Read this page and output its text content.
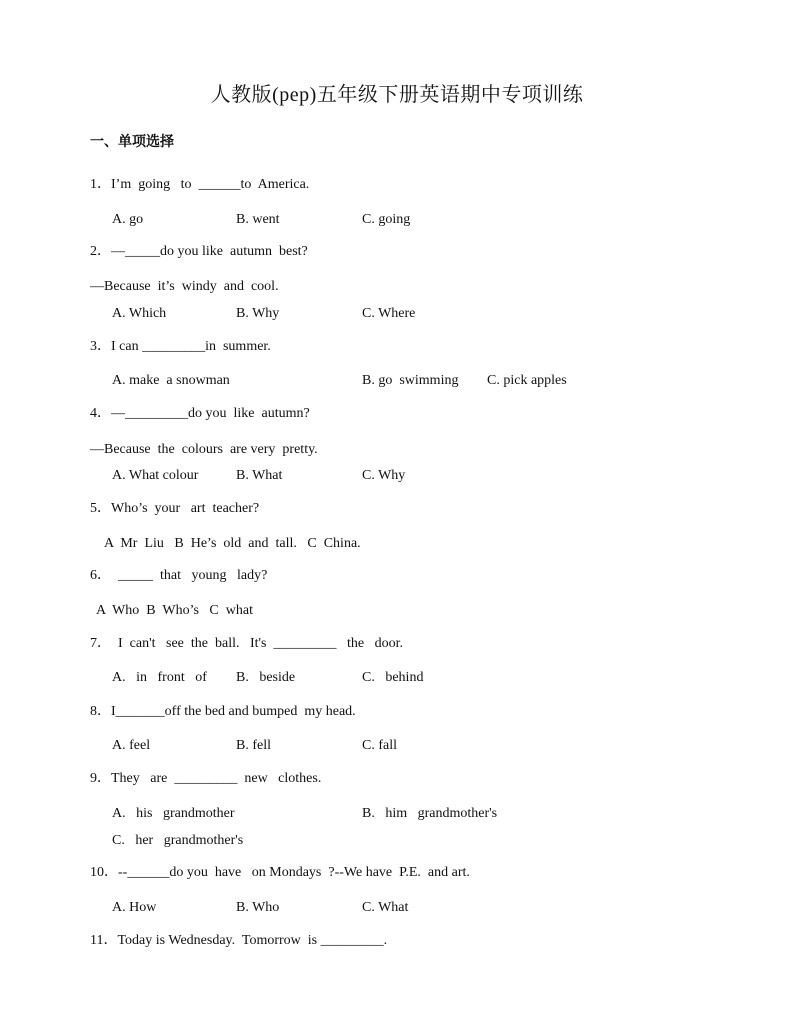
人教版(pep)五年级下册英语期中专项训练
一、单项选择
1．I’m  going   to  ______to  America.
A. go	B. went	C. going
2．—_____do you like  autumn  best?
—Because  it’s  windy  and  cool.
A. Which	B. Why	C. Where
3．I can _________in  summer.
A. make  a snowman	B. go  swimming C. pick apples
4．—_________do you  like  autumn?
—Because  the  colours  are very  pretty.
A. What colour	B. What	C. Why
5．Who’s  your   art  teacher?
A  Mr  Liu   B  He’s  old  and  tall.   C  China.
6．  _____  that   young   lady?
A  Who  B  Who’s   C  what
7．  I  can't   see  the  ball.   It's  _________   the   door.
A.   in   front   of B.   beside	C.   behind
8．I_______off the bed and bumped  my head.
A. feel	B. fell	C. fall
9．They   are  _________  new   clothes.
A.   his   grandmother	B.   him   grandmother's
C.   her   grandmother's
10．--______do you  have   on Mondays  ?--We have  P.E.  and art.
A. How	B. Who	C. What
11．Today is Wednesday.  Tomorrow  is _________.
